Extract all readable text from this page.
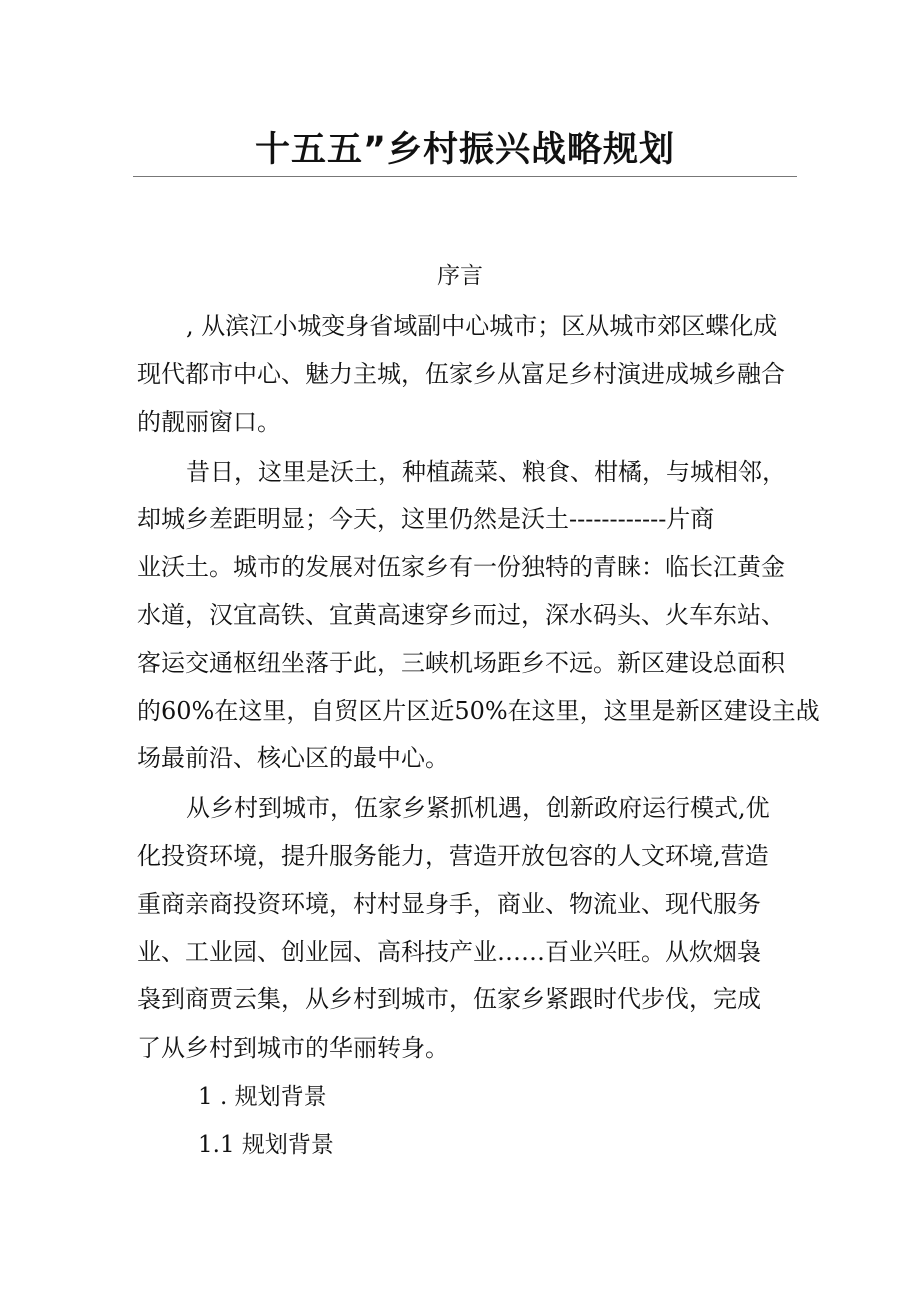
十五五”乡村振兴战略规划
序言
, 从滨江小城变身省域副中心城市；区从城市郊区蝶化成
现代都市中心、魅力主城，伍家乡从富足乡村演进成城乡融合
的靓丽窗口。
昔日，这里是沃土，种植蔬菜、粮食、柑橘，与城相邻，
却城乡差距明显；今天，这里仍然是沃土------------片商
业沃土。城市的发展对伍家乡有一份独特的青睐：临长江黄金
水道，汉宜高铁、宜黄高速穿乡而过，深水码头、火车东站、
客运交通枢纽坐落于此，三峡机场距乡不远。新区建设总面积
的60%在这里，自贸区片区近50%在这里，这里是新区建设主战
场最前沿、核心区的最中心。
从乡村到城市，伍家乡紧抓机遇，创新政府运行模式,优
化投资环境，提升服务能力，营造开放包容的人文环境,营造
重商亲商投资环境，村村显身手，商业、物流业、现代服务
业、工业园、创业园、高科技产业……百业兴旺。从炊烟袅
袅到商贾云集，从乡村到城市，伍家乡紧跟时代步伐，完成
了从乡村到城市的华丽转身。
1 . 规划背景
1.1 规划背景
